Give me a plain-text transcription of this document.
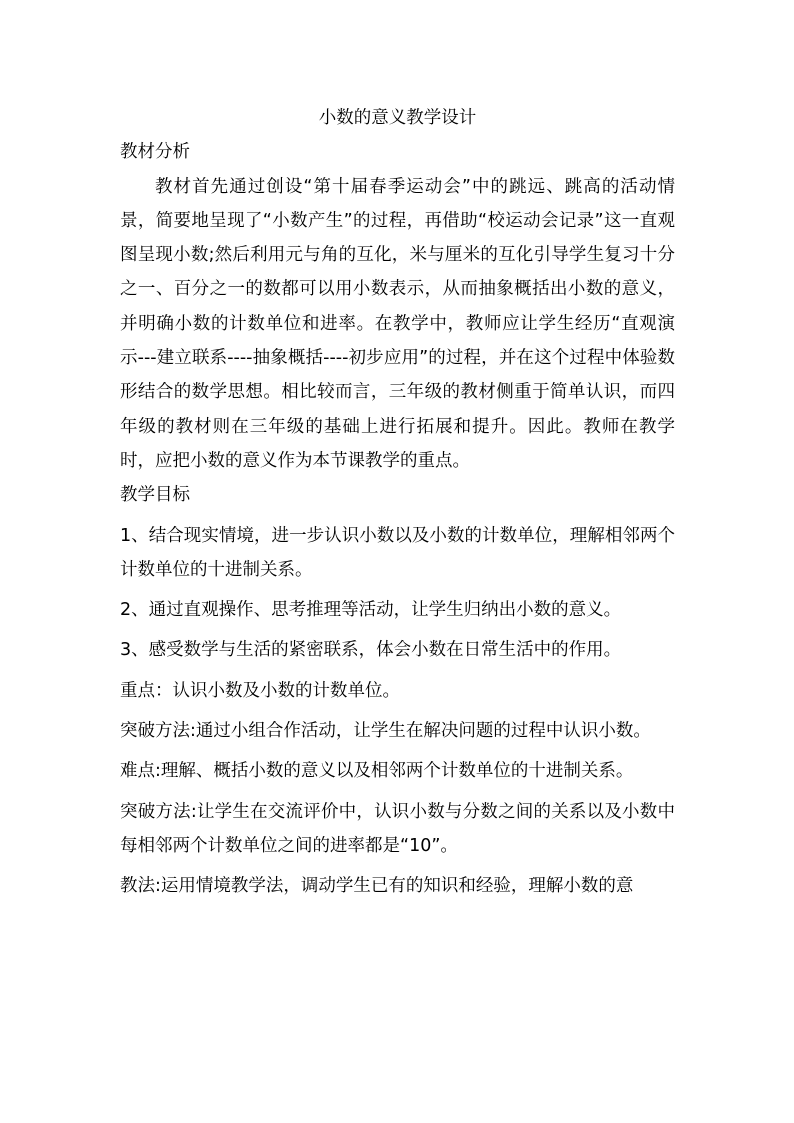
小数的意义教学设计

教材分析

教材首先通过创设“第十届春季运动会”中的跳远、跳高的活动情景，简要地呈现了“小数产生”的过程，再借助“校运动会记录”这一直观图呈现小数;然后利用元与角的互化，米与厘米的互化引导学生复习十分之一、百分之一的数都可以用小数表示，从而抽象概括出小数的意义，并明确小数的计数单位和进率。在教学中，教师应让学生经历“直观演示---建立联系----抽象概括----初步应用”的过程，并在这个过程中体验数形结合的数学思想。相比较而言，三年级的教材侧重于简单认识，而四年级的教材则在三年级的基础上进行拓展和提升。因此。教师在教学时，应把小数的意义作为本节课教学的重点。

教学目标

1、结合现实情境，进一步认识小数以及小数的计数单位，理解相邻两个计数单位的十进制关系。

2、通过直观操作、思考推理等活动，让学生归纳出小数的意义。

3、感受数学与生活的紧密联系，体会小数在日常生活中的作用。

重点：认识小数及小数的计数单位。

突破方法:通过小组合作活动，让学生在解决问题的过程中认识小数。

难点:理解、概括小数的意义以及相邻两个计数单位的十进制关系。

突破方法:让学生在交流评价中，认识小数与分数之间的关系以及小数中每相邻两个计数单位之间的进率都是“10”。

教法:运用情境教学法，调动学生已有的知识和经验，理解小数的意
